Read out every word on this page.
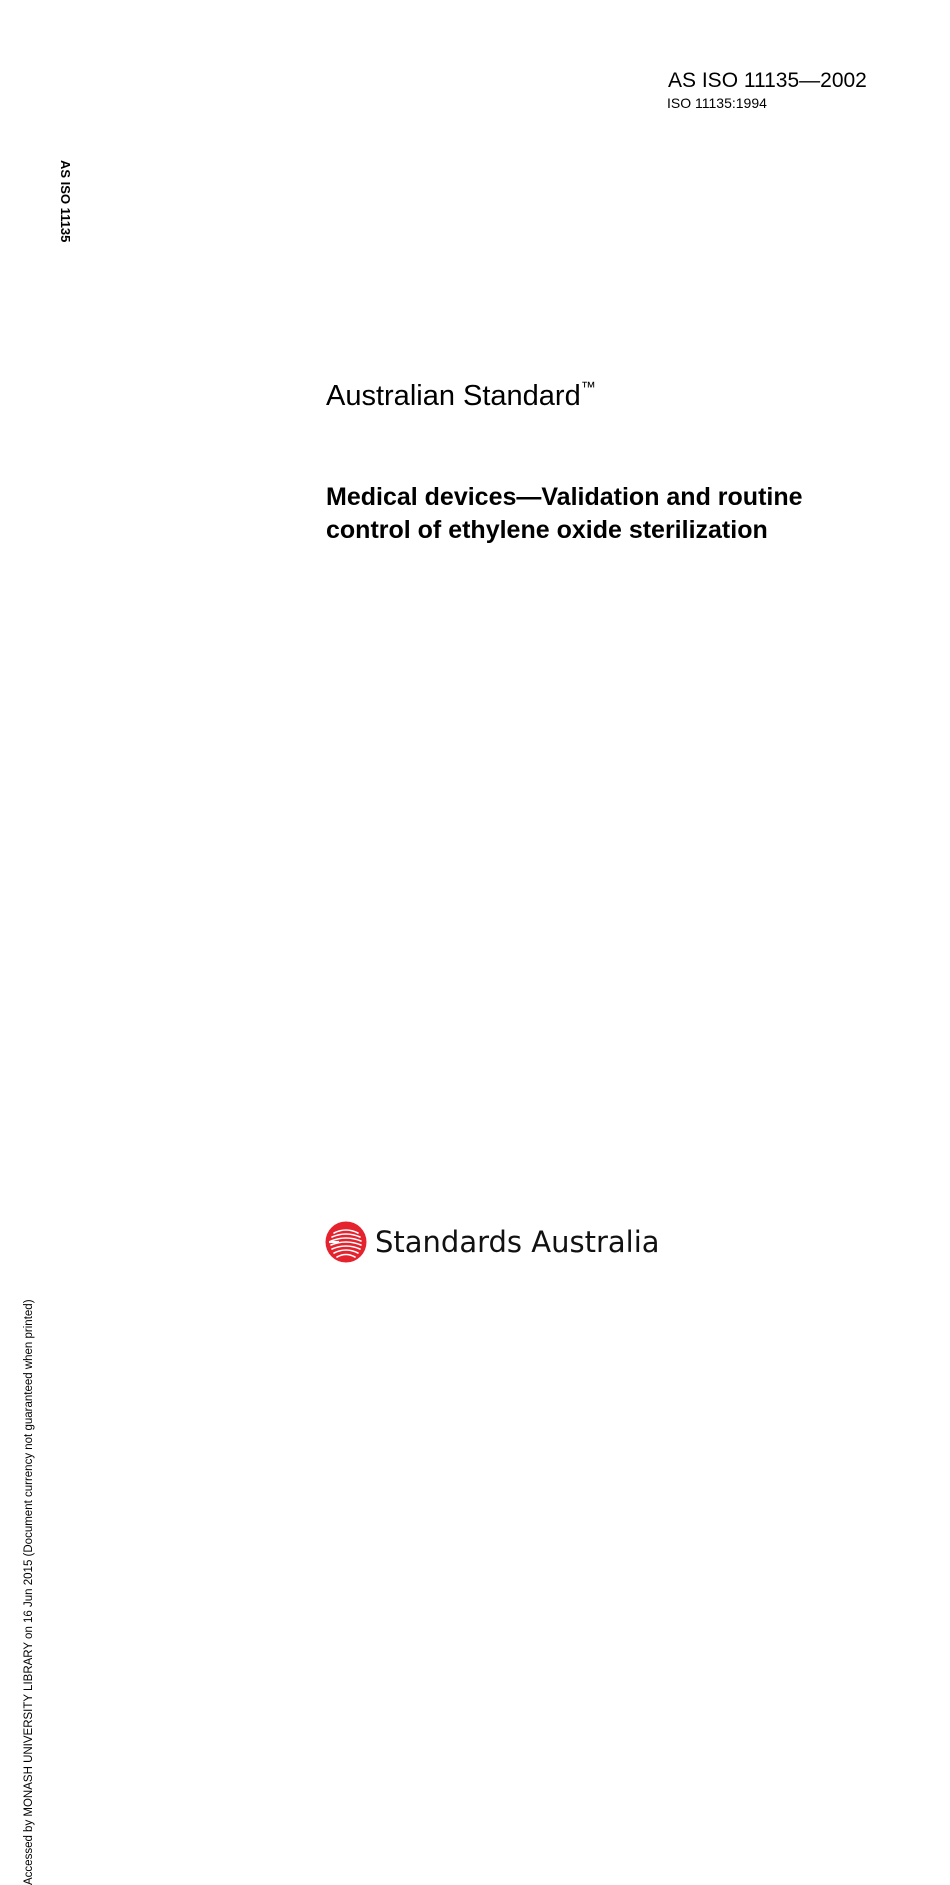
AS ISO 11135—2002
ISO 11135:1994
AS ISO 11135
Accessed by MONASH UNIVERSITY LIBRARY on 16 Jun 2015 (Document currency not guaranteed when printed)
Australian Standard™
Medical devices—Validation and routine
control of ethylene oxide sterilization
Standards Australia
